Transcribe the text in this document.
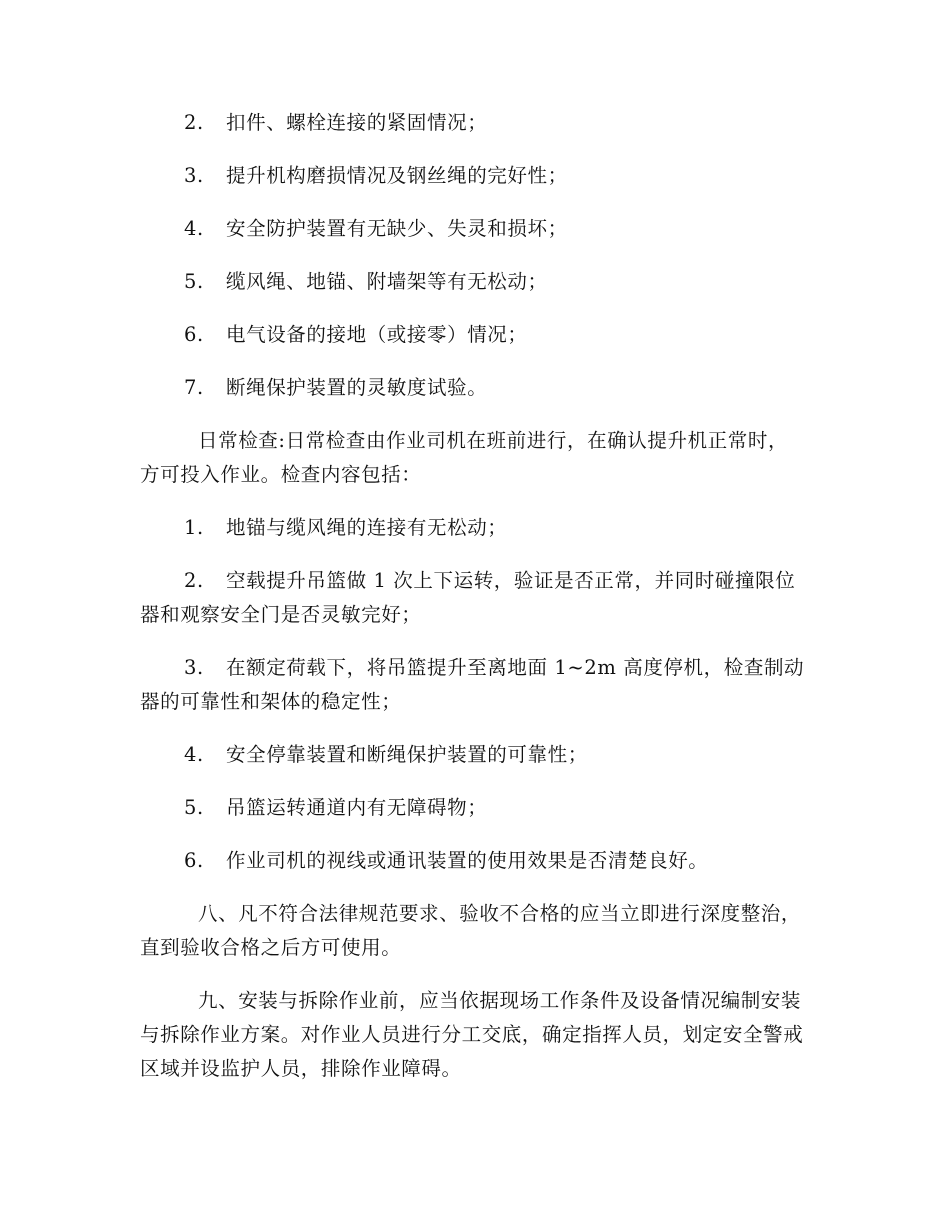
2. 扣件、螺栓连接的紧固情况；

3. 提升机构磨损情况及钢丝绳的完好性；

4. 安全防护装置有无缺少、失灵和损坏；

5. 缆风绳、地锚、附墙架等有无松动；

6. 电气设备的接地（或接零）情况；

7. 断绳保护装置的灵敏度试验。

日常检查:日常检查由作业司机在班前进行，在确认提升机正常时，方可投入作业。检查内容包括：

1. 地锚与缆风绳的连接有无松动；

2. 空载提升吊篮做 1 次上下运转，验证是否正常，并同时碰撞限位器和观察安全门是否灵敏完好；

3. 在额定荷载下，将吊篮提升至离地面 1~2m 高度停机，检查制动器的可靠性和架体的稳定性；

4. 安全停靠装置和断绳保护装置的可靠性；

5. 吊篮运转通道内有无障碍物；

6. 作业司机的视线或通讯装置的使用效果是否清楚良好。

八、凡不符合法律规范要求、验收不合格的应当立即进行深度整治，直到验收合格之后方可使用。

九、安装与拆除作业前，应当依据现场工作条件及设备情况编制安装与拆除作业方案。对作业人员进行分工交底，确定指挥人员，划定安全警戒区域并设监护人员，排除作业障碍。
